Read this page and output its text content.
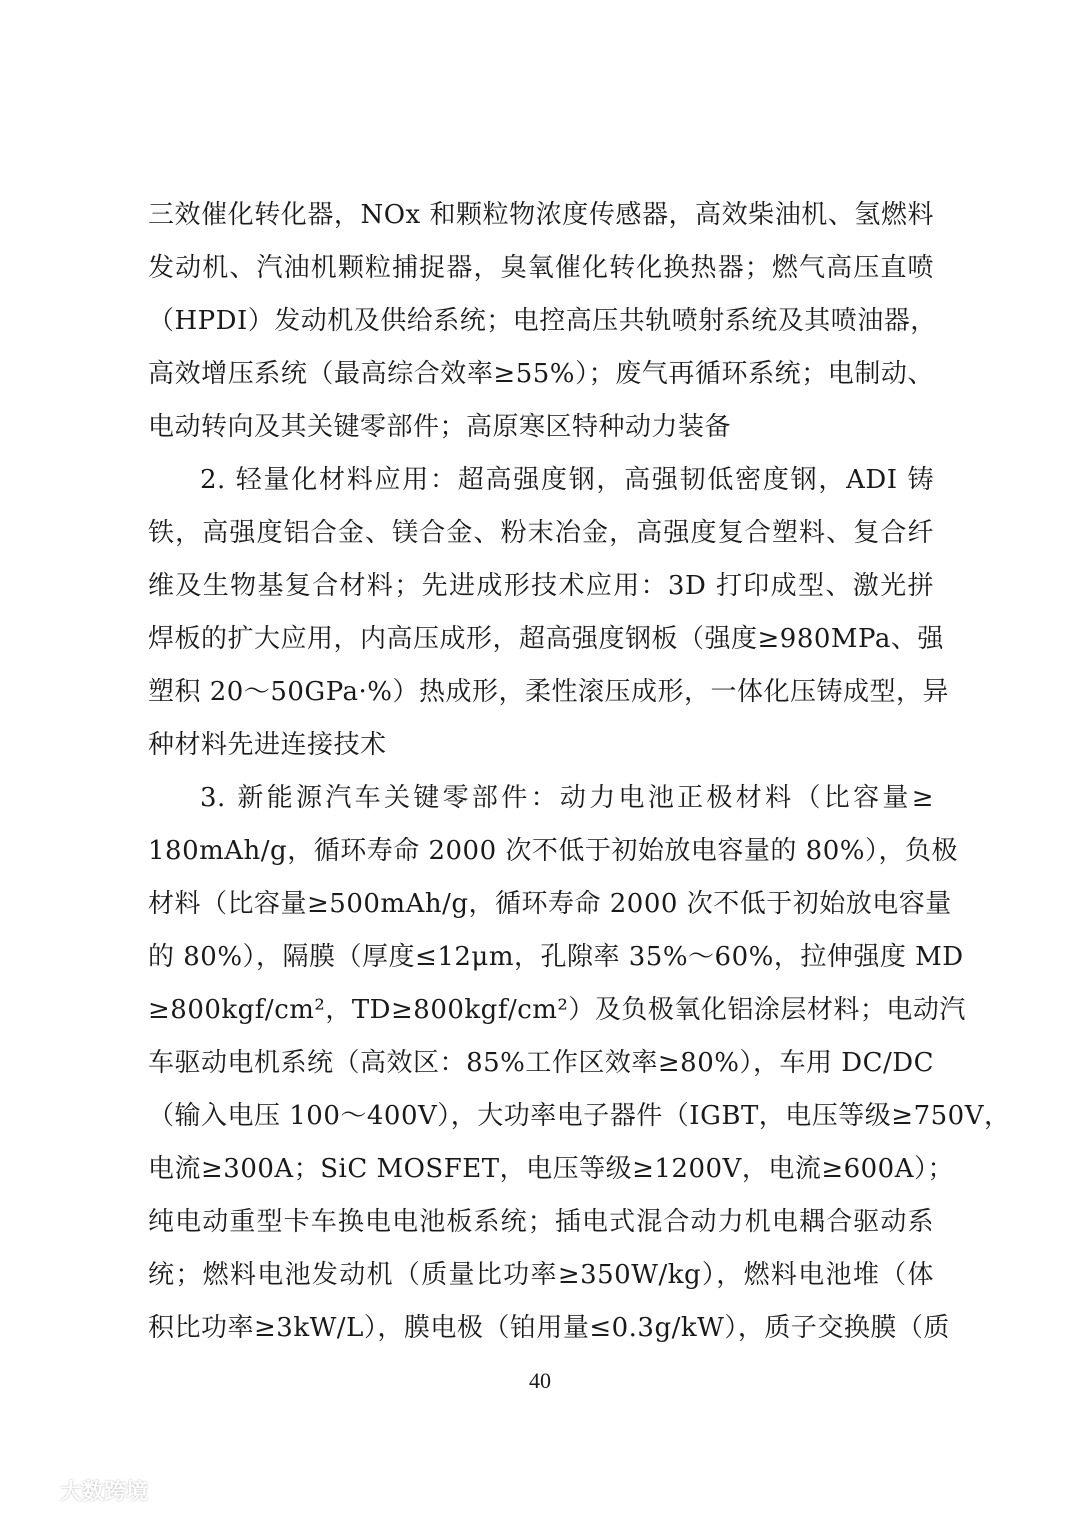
三效催化转化器，NOx 和颗粒物浓度传感器，高效柴油机、氢燃料
发动机、汽油机颗粒捕捉器，臭氧催化转化换热器；燃气高压直喷
（HPDI）发动机及供给系统；电控高压共轨喷射系统及其喷油器，
高效增压系统（最高综合效率≥55%）；废气再循环系统；电制动、
电动转向及其关键零部件；高原寒区特种动力装备
2. 轻量化材料应用：超高强度钢，高强韧低密度钢，ADI 铸
铁，高强度铝合金、镁合金、粉末冶金，高强度复合塑料、复合纤
维及生物基复合材料；先进成形技术应用：3D 打印成型、激光拼
焊板的扩大应用，内高压成形，超高强度钢板（强度≥980MPa、强
塑积 20～50GPa·%）热成形，柔性滚压成形，一体化压铸成型，异
种材料先进连接技术
3. 新能源汽车关键零部件：动力电池正极材料（比容量≥
180mAh/g，循环寿命 2000 次不低于初始放电容量的 80%），负极
材料（比容量≥500mAh/g，循环寿命 2000 次不低于初始放电容量
的 80%），隔膜（厚度≤12μm，孔隙率 35%～60%，拉伸强度 MD
≥800kgf/cm²，TD≥800kgf/cm²）及负极氧化铝涂层材料；电动汽
车驱动电机系统（高效区：85%工作区效率≥80%），车用 DC/DC
（输入电压 100～400V），大功率电子器件（IGBT，电压等级≥750V，
电流≥300A；SiC MOSFET，电压等级≥1200V，电流≥600A）；
纯电动重型卡车换电电池板系统；插电式混合动力机电耦合驱动系
统；燃料电池发动机（质量比功率≥350W/kg），燃料电池堆（体
积比功率≥3kW/L），膜电极（铂用量≤0.3g/kW），质子交换膜（质
40
大数跨境
